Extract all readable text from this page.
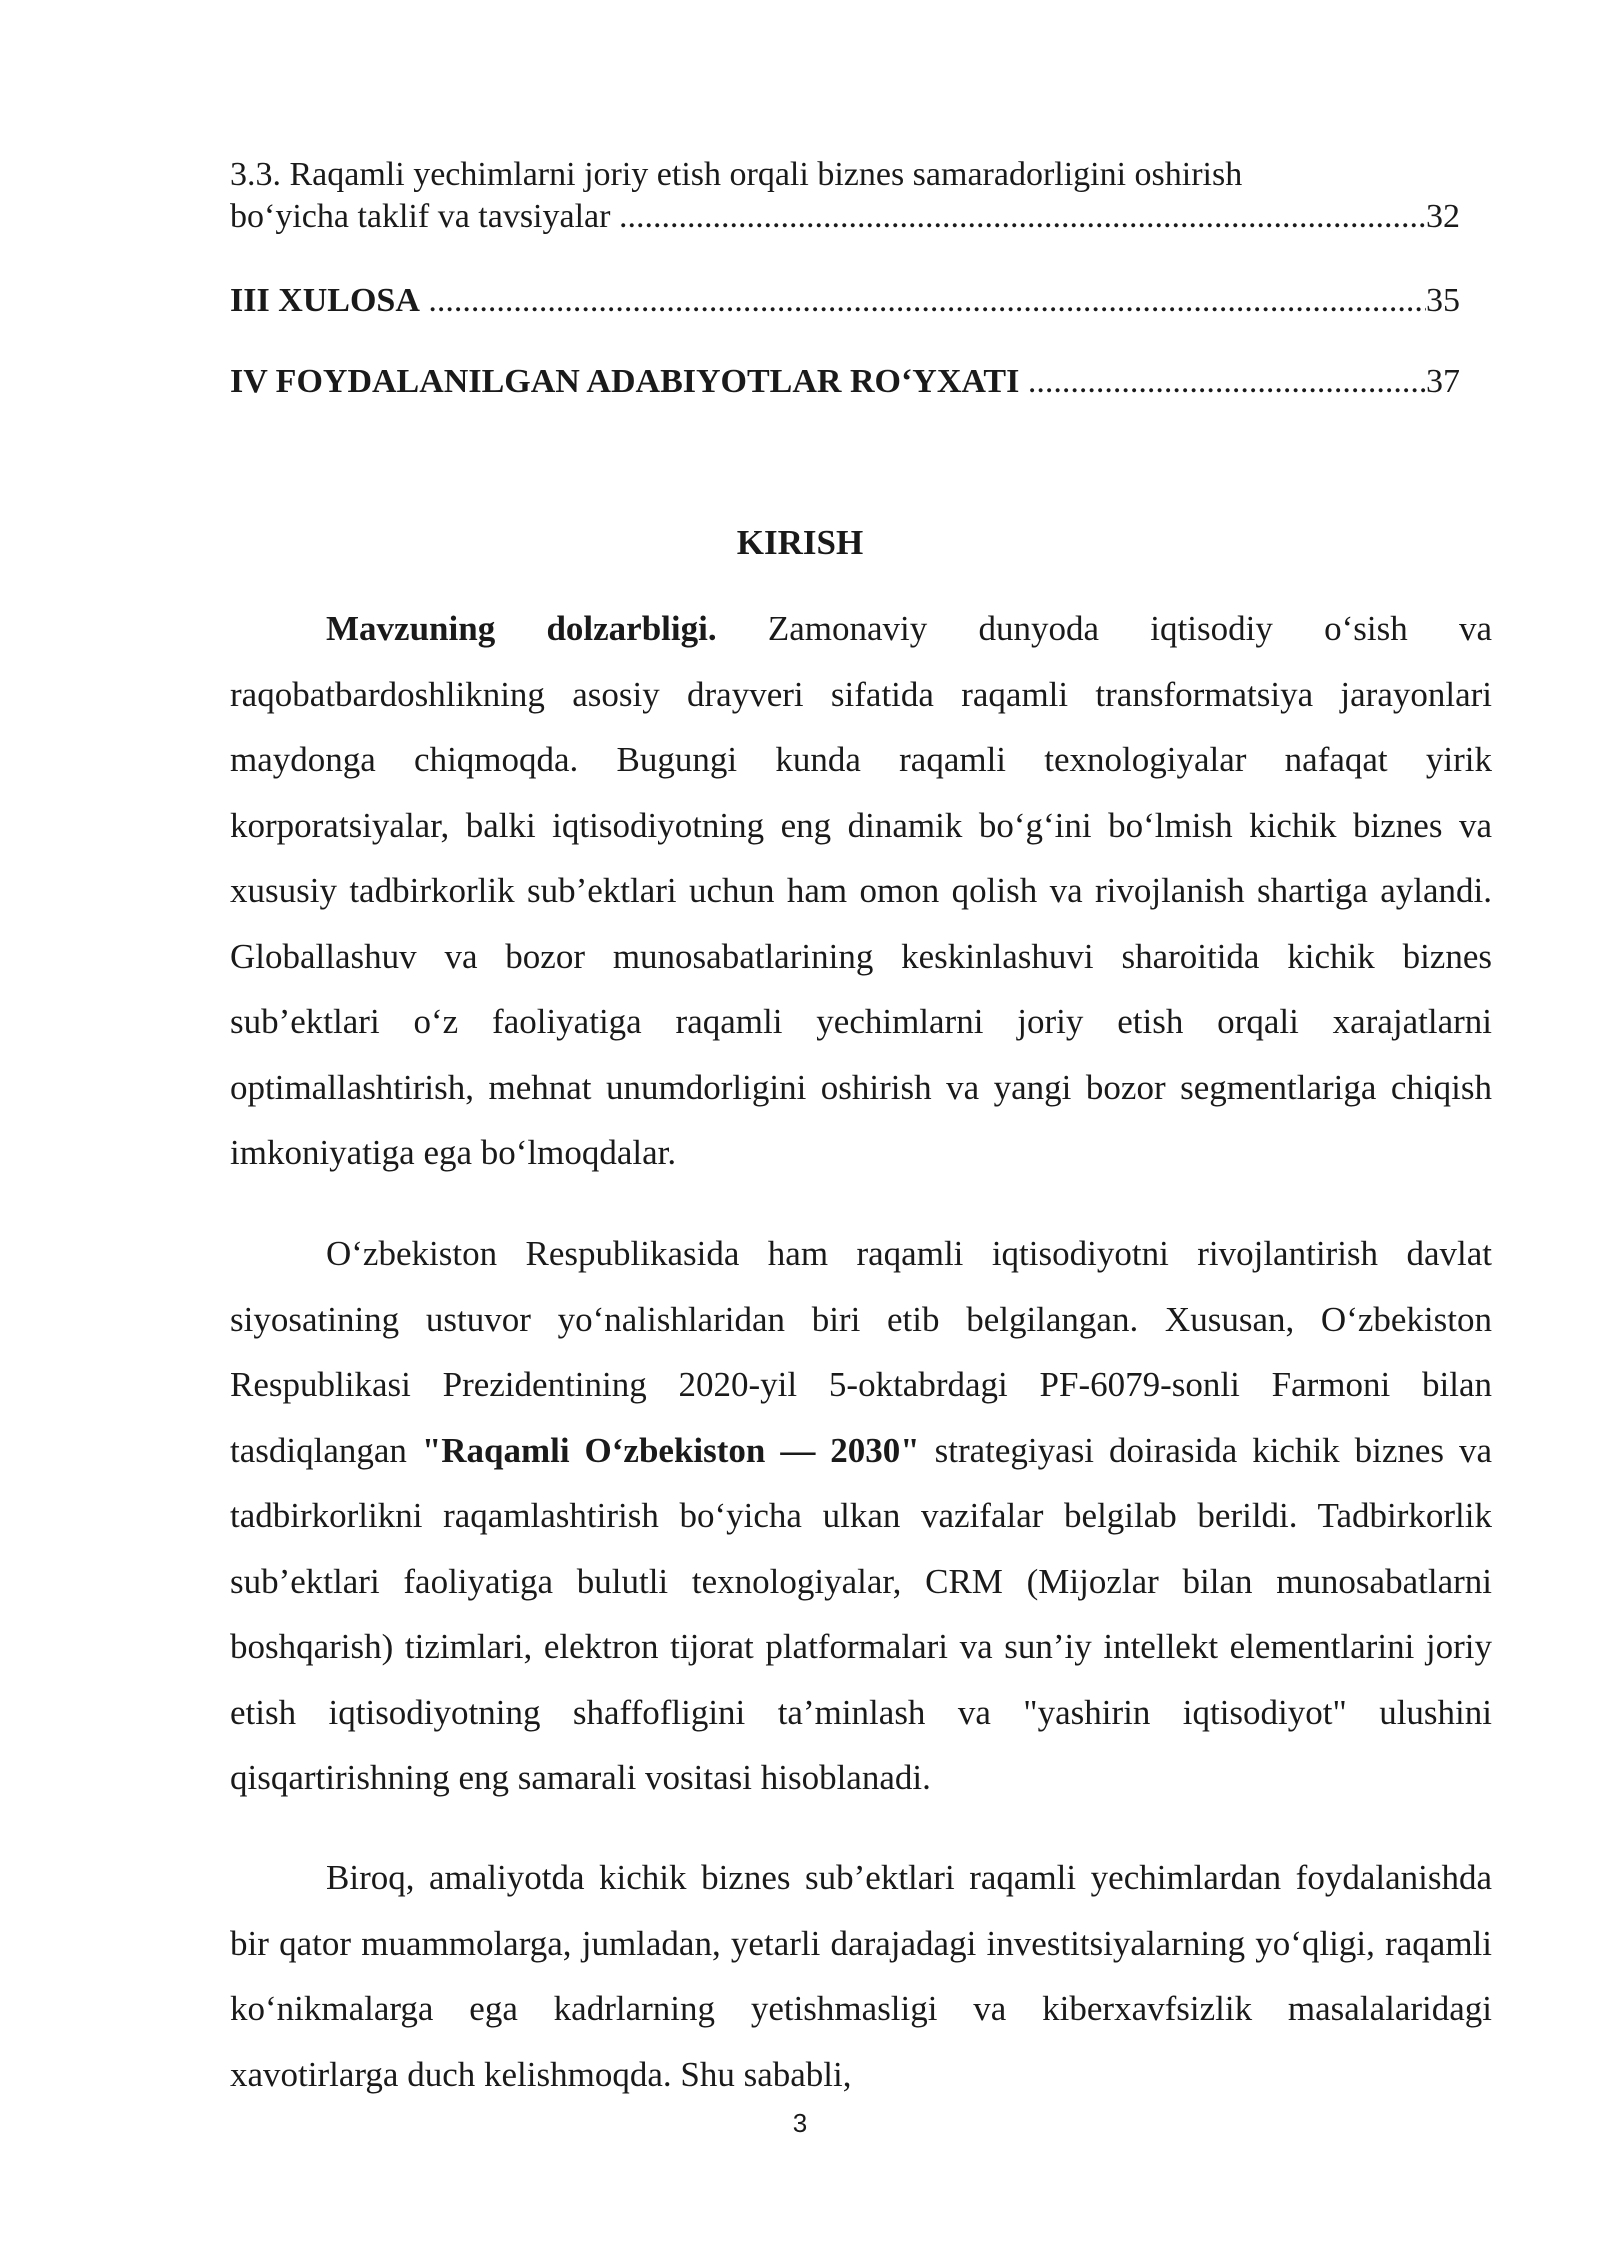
3.3. Raqamli yechimlarni joriy etish orqali biznes samaradorligini oshirish
bo‘yicha taklif va tavsiyalar .....	32
III XULOSA .....	35
IV FOYDALANILGAN ADABIYOTLAR RO‘YXATI .....	37
KIRISH

Mavzuning dolzarbligi. Zamonaviy dunyoda iqtisodiy o‘sish va raqobatbardoshlikning asosiy drayveri sifatida raqamli transformatsiya jarayonlari maydonga chiqmoqda. Bugungi kunda raqamli texnologiyalar nafaqat yirik korporatsiyalar, balki iqtisodiyotning eng dinamik bo‘g‘ini bo‘lmish kichik biznes va xususiy tadbirkorlik sub’ektlari uchun ham omon qolish va rivojlanish shartiga aylandi. Globallashuv va bozor munosabatlarining keskinlashuvi sharoitida kichik biznes sub’ektlari o‘z faoliyatiga raqamli yechimlarni joriy etish orqali xarajatlarni optimallashtirish, mehnat unumdorligini oshirish va yangi bozor segmentlariga chiqish imkoniyatiga ega bo‘lmoqdalar.

O‘zbekiston Respublikasida ham raqamli iqtisodiyotni rivojlantirish davlat siyosatining ustuvor yo‘nalishlaridan biri etib belgilangan. Xususan, O‘zbekiston Respublikasi Prezidentining 2020-yil 5-oktabrdagi PF-6079-sonli Farmoni bilan tasdiqlangan "Raqamli O‘zbekiston — 2030" strategiyasi doirasida kichik biznes va tadbirkorlikni raqamlashtirish bo‘yicha ulkan vazifalar belgilab berildi. Tadbirkorlik sub’ektlari faoliyatiga bulutli texnologiyalar, CRM (Mijozlar bilan munosabatlarni boshqarish) tizimlari, elektron tijorat platformalari va sun’iy intellekt elementlarini joriy etish iqtisodiyotning shaffofligini ta’minlash va "yashirin iqtisodiyot" ulushini qisqartirishning eng samarali vositasi hisoblanadi.

Biroq, amaliyotda kichik biznes sub’ektlari raqamli yechimlardan foydalanishda bir qator muammolarga, jumladan, yetarli darajadagi investitsiyalarning yo‘qligi, raqamli ko‘nikmalarga ega kadrlarning yetishmasligi va kiberxavfsizlik masalalaridagi xavotirlarga duch kelishmoqda. Shu sababli,

3
